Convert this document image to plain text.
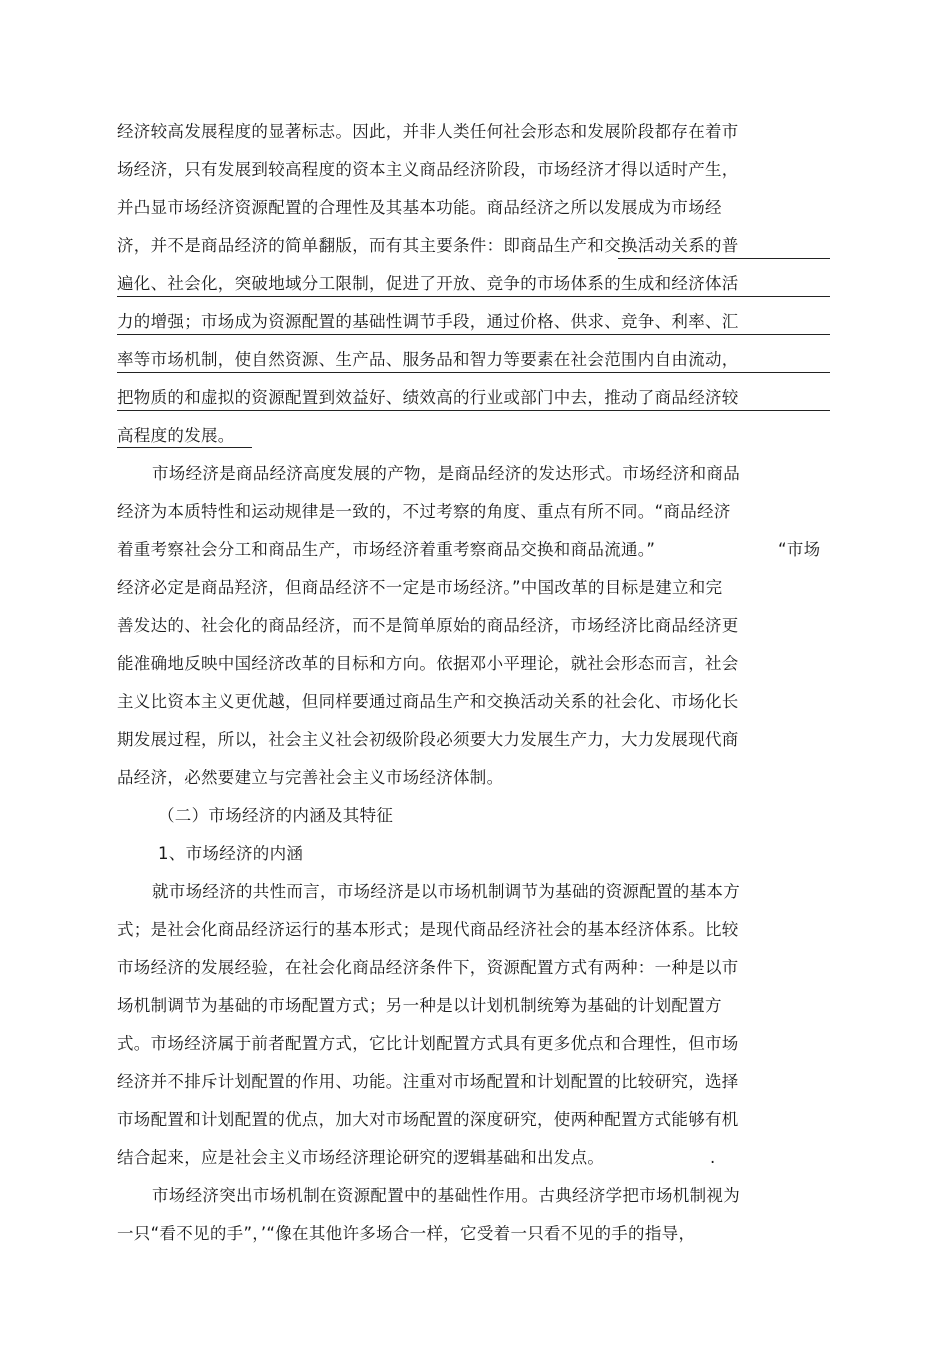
经济较高发展程度的显著标志。因此，并非人类任何社会形态和发展阶段都存在着市
场经济，只有发展到较高程度的资本主义商品经济阶段，市场经济才得以适时产生，
并凸显市场经济资源配置的合理性及其基本功能。商品经济之所以发展成为市场经
济，并不是商品经济的简单翻版，而有其主要条件：即商品生产和交换活动关系的普
遍化、社会化，突破地域分工限制，促进了开放、竞争的市场体系的生成和经济体活
力的增强；市场成为资源配置的基础性调节手段，通过价格、供求、竞争、利率、汇
率等市场机制，使自然资源、生产品、服务品和智力等要素在社会范围内自由流动，
把物质的和虚拟的资源配置到效益好、绩效高的行业或部门中去，推动了商品经济较
高程度的发展。
市场经济是商品经济高度发展的产物，是商品经济的发达形式。市场经济和商品
经济为本质特性和运动规律是一致的，不过考察的角度、重点有所不同。“商品经济
着重考察社会分工和商品生产，市场经济着重考察商品交换和商品流通。”	“市场
经济必定是商品羟济，但商品经济不一定是市场经济。”中国改革的目标是建立和完
善发达的、社会化的商品经济，而不是简单原始的商品经济，市场经济比商品经济更
能准确地反映中国经济改革的目标和方向。依据邓小平理论，就社会形态而言，社会
主义比资本主义更优越，但同样要通过商品生产和交换活动关系的社会化、市场化长
期发展过程，所以，社会主义社会初级阶段必须要大力发展生产力，大力发展现代商
品经济，必然要建立与完善社会主义市场经济体制。
（二）市场经济的内涵及其特征
1、市场经济的内涵
就市场经济的共性而言，市场经济是以市场机制调节为基础的资源配置的基本方
式；是社会化商品经济运行的基本形式；是现代商品经济社会的基本经济体系。比较
市场经济的发展经验，在社会化商品经济条件下，资源配置方式有两种：一种是以市
场机制调节为基础的市场配置方式；另一种是以计划机制统筹为基础的计划配置方
式。市场经济属于前者配置方式，它比计划配置方式具有更多优点和合理性，但市场
经济并不排斥计划配置的作用、功能。注重对市场配置和计划配置的比较研究，选择
市场配置和计划配置的优点，加大对市场配置的深度研究，使两种配置方式能够有机
结合起来，应是社会主义市场经济理论研究的逻辑基础和出发点。	.
市场经济突出市场机制在资源配置中的基础性作用。古典经济学把市场机制视为
一只“看不见的手”，’“像在其他许多场合一样，它受着一只看不见的手的指导，
